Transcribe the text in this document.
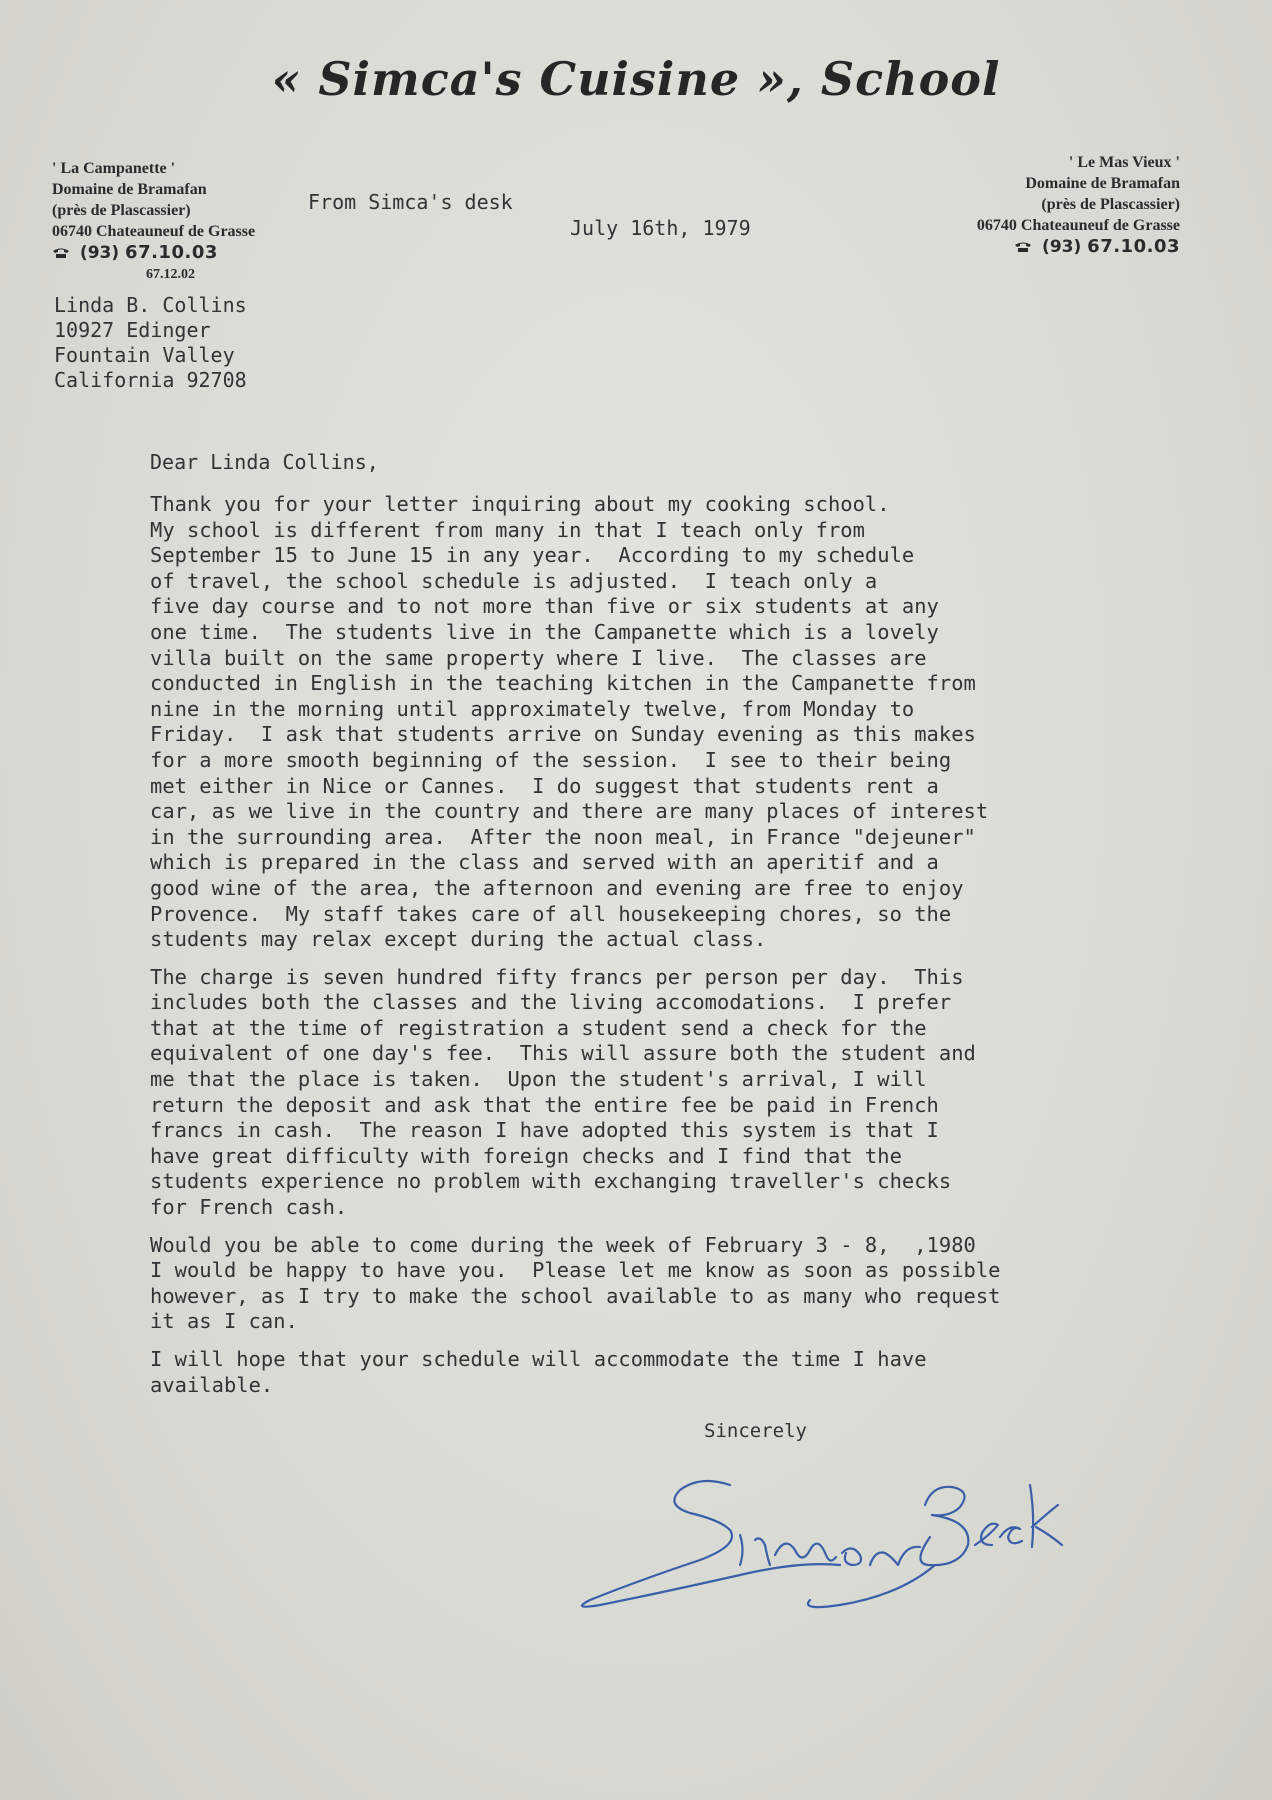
« Simca's Cuisine », School
' La Campanette '
Domaine de Bramafan
(près de Plascassier)
06740 Chateauneuf de Grasse
(93) 67.10.03
67.12.02
' Le Mas Vieux '
Domaine de Bramafan
(près de Plascassier)
06740 Chateauneuf de Grasse
(93) 67.10.03
From Simca's desk
July 16th, 1979
Linda B. Collins
10927 Edinger
Fountain Valley
California 92708
Dear Linda Collins,
Thank you for your letter inquiring about my cooking school.
My school is different from many in that I teach only from
September 15 to June 15 in any year.  According to my schedule
of travel, the school schedule is adjusted.  I teach only a
five day course and to not more than five or six students at any
one time.  The students live in the Campanette which is a lovely
villa built on the same property where I live.  The classes are
conducted in English in the teaching kitchen in the Campanette from
nine in the morning until approximately twelve, from Monday to
Friday.  I ask that students arrive on Sunday evening as this makes
for a more smooth beginning of the session.  I see to their being
met either in Nice or Cannes.  I do suggest that students rent a
car, as we live in the country and there are many places of interest
in the surrounding area.  After the noon meal, in France "dejeuner"
which is prepared in the class and served with an aperitif and a
good wine of the area, the afternoon and evening are free to enjoy
Provence.  My staff takes care of all housekeeping chores, so the
students may relax except during the actual class.
The charge is seven hundred fifty francs per person per day.  This
includes both the classes and the living accomodations.  I prefer
that at the time of registration a student send a check for the
equivalent of one day's fee.  This will assure both the student and
me that the place is taken.  Upon the student's arrival, I will
return the deposit and ask that the entire fee be paid in French
francs in cash.  The reason I have adopted this system is that I
have great difficulty with foreign checks and I find that the
students experience no problem with exchanging traveller's checks
for French cash.
Would you be able to come during the week of February 3 - 8,  ,1980
I would be happy to have you.  Please let me know as soon as possible
however, as I try to make the school available to as many who request
it as I can.
I will hope that your schedule will accommodate the time I have
available.
Sincerely
